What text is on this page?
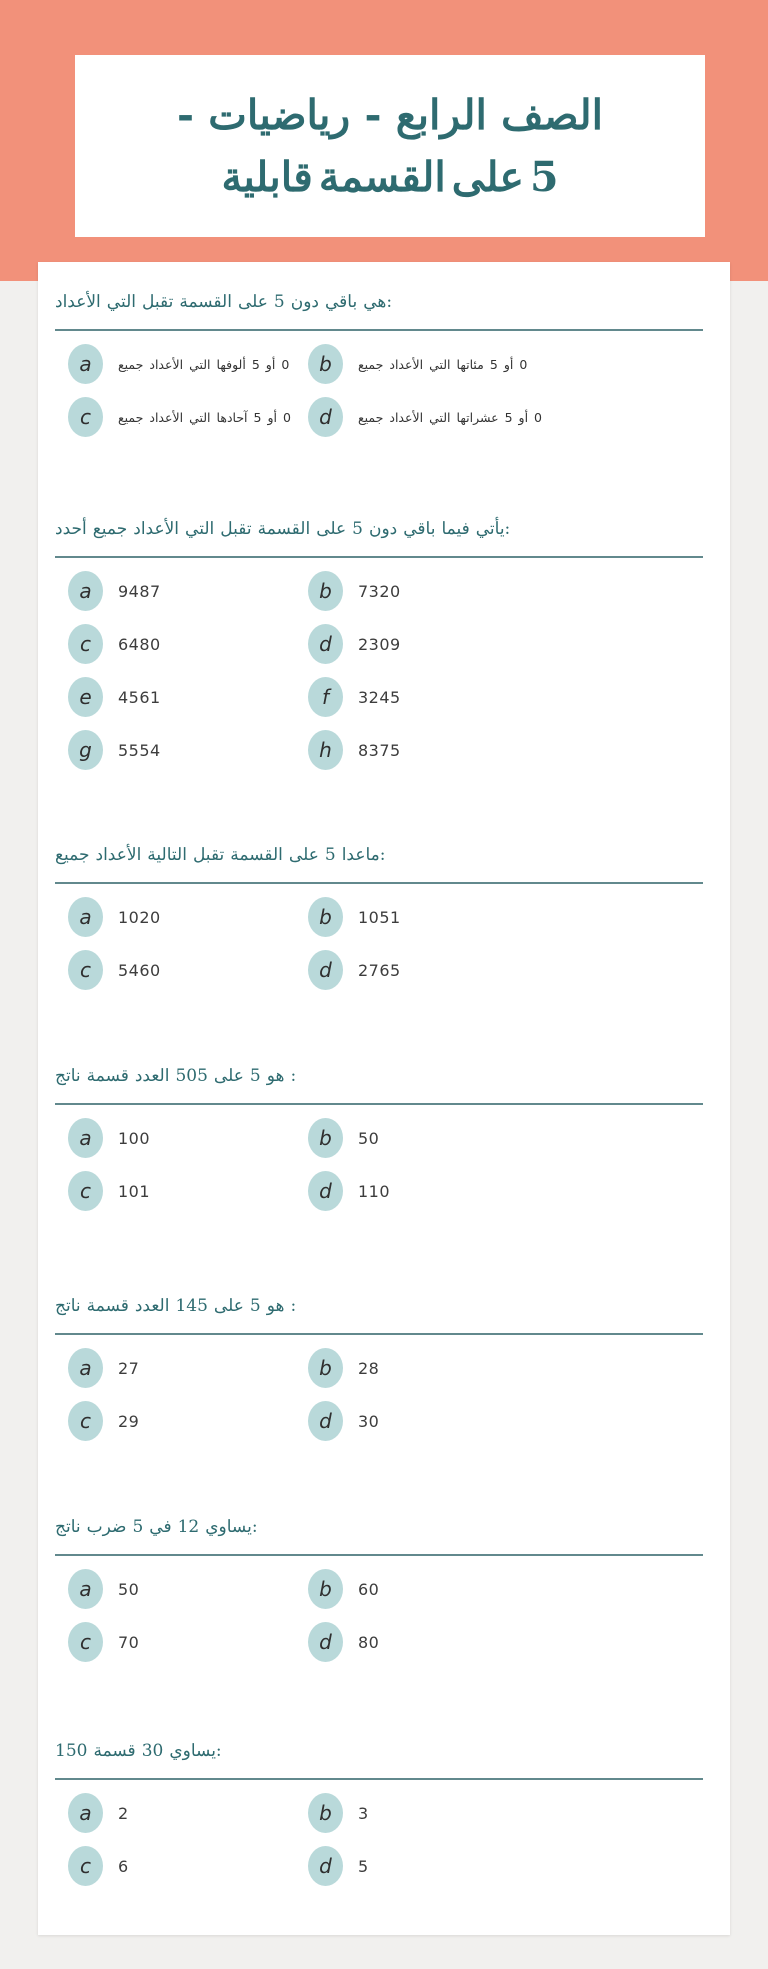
الصف الرابع - رياضيات -
قابلية القسمة على 5
الأعداد التي تقبل القسمة على 5 دون باقي هي:
a	جميع الأعداد التي ألوفها 5 أو 0	b	جميع الأعداد التي مئاتها 5 أو 0
c	جميع الأعداد التي آحادها 5 أو 0	d	جميع الأعداد التي عشراتها 5 أو 0
أحدد جميع الأعداد التي تقبل القسمة على 5 دون باقي فيما يأتي:
a	9487	b	7320
c	6480	d	2309
e	4561	f	3245
g	5554	h	8375
جميع الأعداد التالية تقبل القسمة على 5 ماعدا:
a	1020	b	1051
c	5460	d	2765
ناتج قسمة العدد 505 على 5 هو :
a	100	b	50
c	101	d	110
ناتج قسمة العدد 145 على 5 هو :
a	27	b	28
c	29	d	30
ناتج ضرب 5 في 12 يساوي:
a	50	b	60
c	70	d	80
150 قسمة 30 يساوي:
a	2	b	3
c	6	d	5
